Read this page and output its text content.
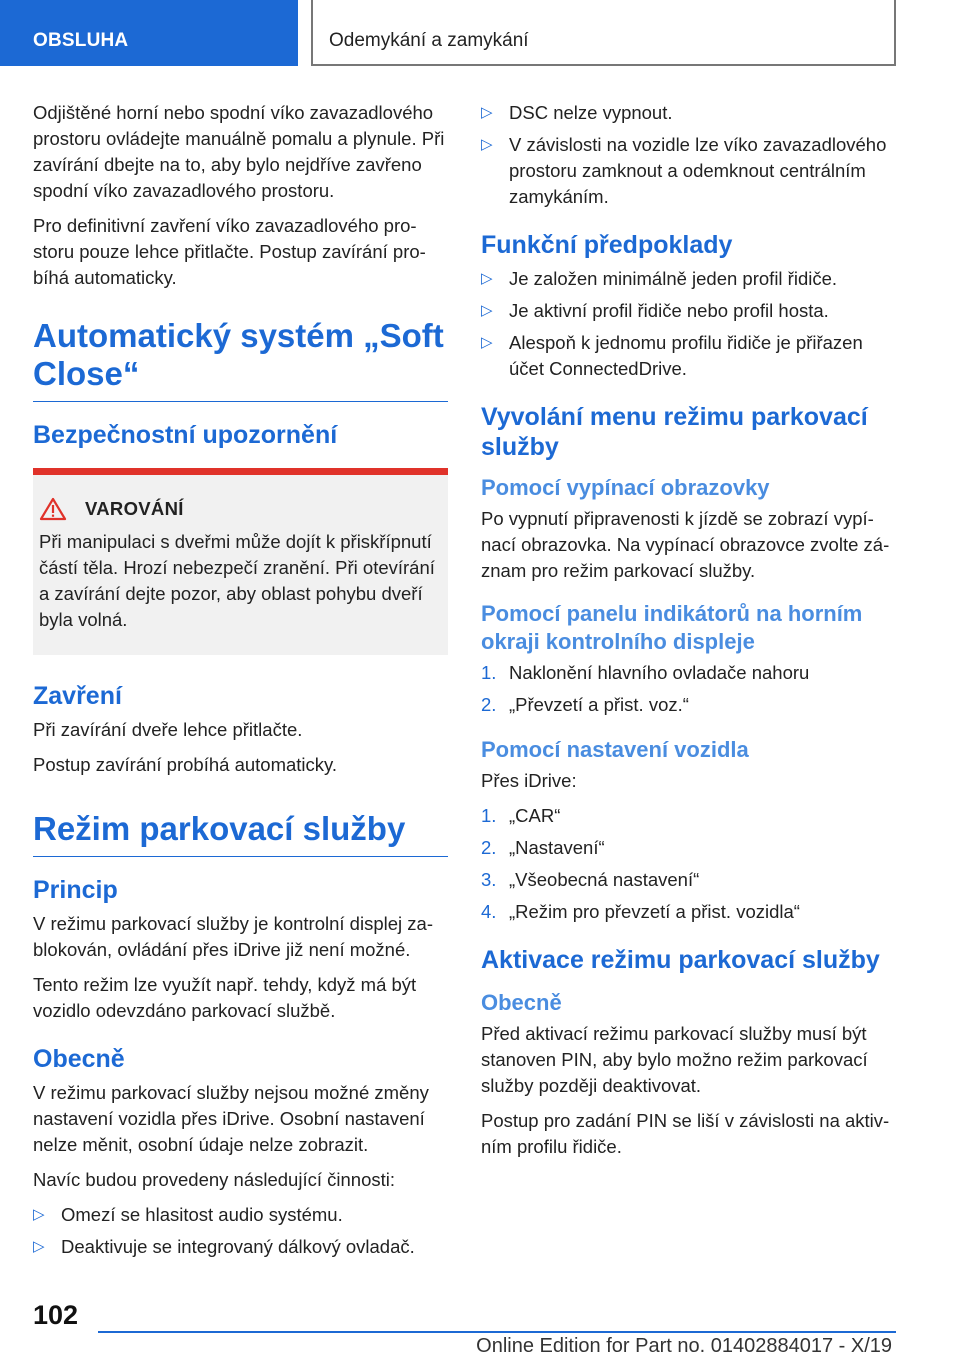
OBSLUHA	Odemykání a zamykání

Odjištěné horní nebo spodní víko zavazadlového prostoru ovládejte manuálně pomalu a plynule. Při zavírání dbejte na to, aby bylo nejdříve zavřeno spodní víko zavazadlového prostoru.

Pro definitivní zavření víko zavazadlového prostoru pouze lehce přitlačte. Postup zavírání probíhá automaticky.

Automatický systém „Soft Close“
Bezpečnostní upozornění
VAROVÁNÍ

Při manipulaci s dveřmi může dojít k přiskřípnutí částí těla. Hrozí nebezpečí zranění. Při otevírání a zavírání dejte pozor, aby oblast pohybu dveří byla volná.

Zavření

Při zavírání dveře lehce přitlačte.

Postup zavírání probíhá automaticky.

Režim parkovací služby
Princip

V režimu parkovací služby je kontrolní displej zablokován, ovládání přes iDrive již není možné.

Tento režim lze využít např. tehdy, když má být vozidlo odevzdáno parkovací službě.

Obecně

V režimu parkovací služby nejsou možné změny nastavení vozidla přes iDrive. Osobní nastavení nelze měnit, osobní údaje nelze zobrazit.

Navíc budou provedeny následující činnosti:

▷ Omezí se hlasitost audio systému.
▷ Deaktivuje se integrovaný dálkový ovladač.
▷ DSC nelze vypnout.
▷ V závislosti na vozidle lze víko zavazadlového prostoru zamknout a odemknout centrálním zamykáním.
Funkční předpoklady
▷ Je založen minimálně jeden profil řidiče.
▷ Je aktivní profil řidiče nebo profil hosta.
▷ Alespoň k jednomu profilu řidiče je přiřazen účet ConnectedDrive.
Vyvolání menu režimu parkovací služby
Pomocí vypínací obrazovky

Po vypnutí připravenosti k jízdě se zobrazí vypínací obrazovka. Na vypínací obrazovce zvolte záznam pro režim parkovací služby.

Pomocí panelu indikátorů na horním okraji kontrolního displeje
1. Naklonění hlavního ovladače nahoru
2. „Převzetí a přist. voz.“
Pomocí nastavení vozidla

Přes iDrive:

1. „CAR“
2. „Nastavení“
3. „Všeobecná nastavení“
4. „Režim pro převzetí a přist. vozidla“
Aktivace režimu parkovací služby
Obecně

Před aktivací režimu parkovací služby musí být stanoven PIN, aby bylo možno režim parkovací služby později deaktivovat.

Postup pro zadání PIN se liší v závislosti na aktivním profilu řidiče.

102
Online Edition for Part no. 01402884017 - X/19
